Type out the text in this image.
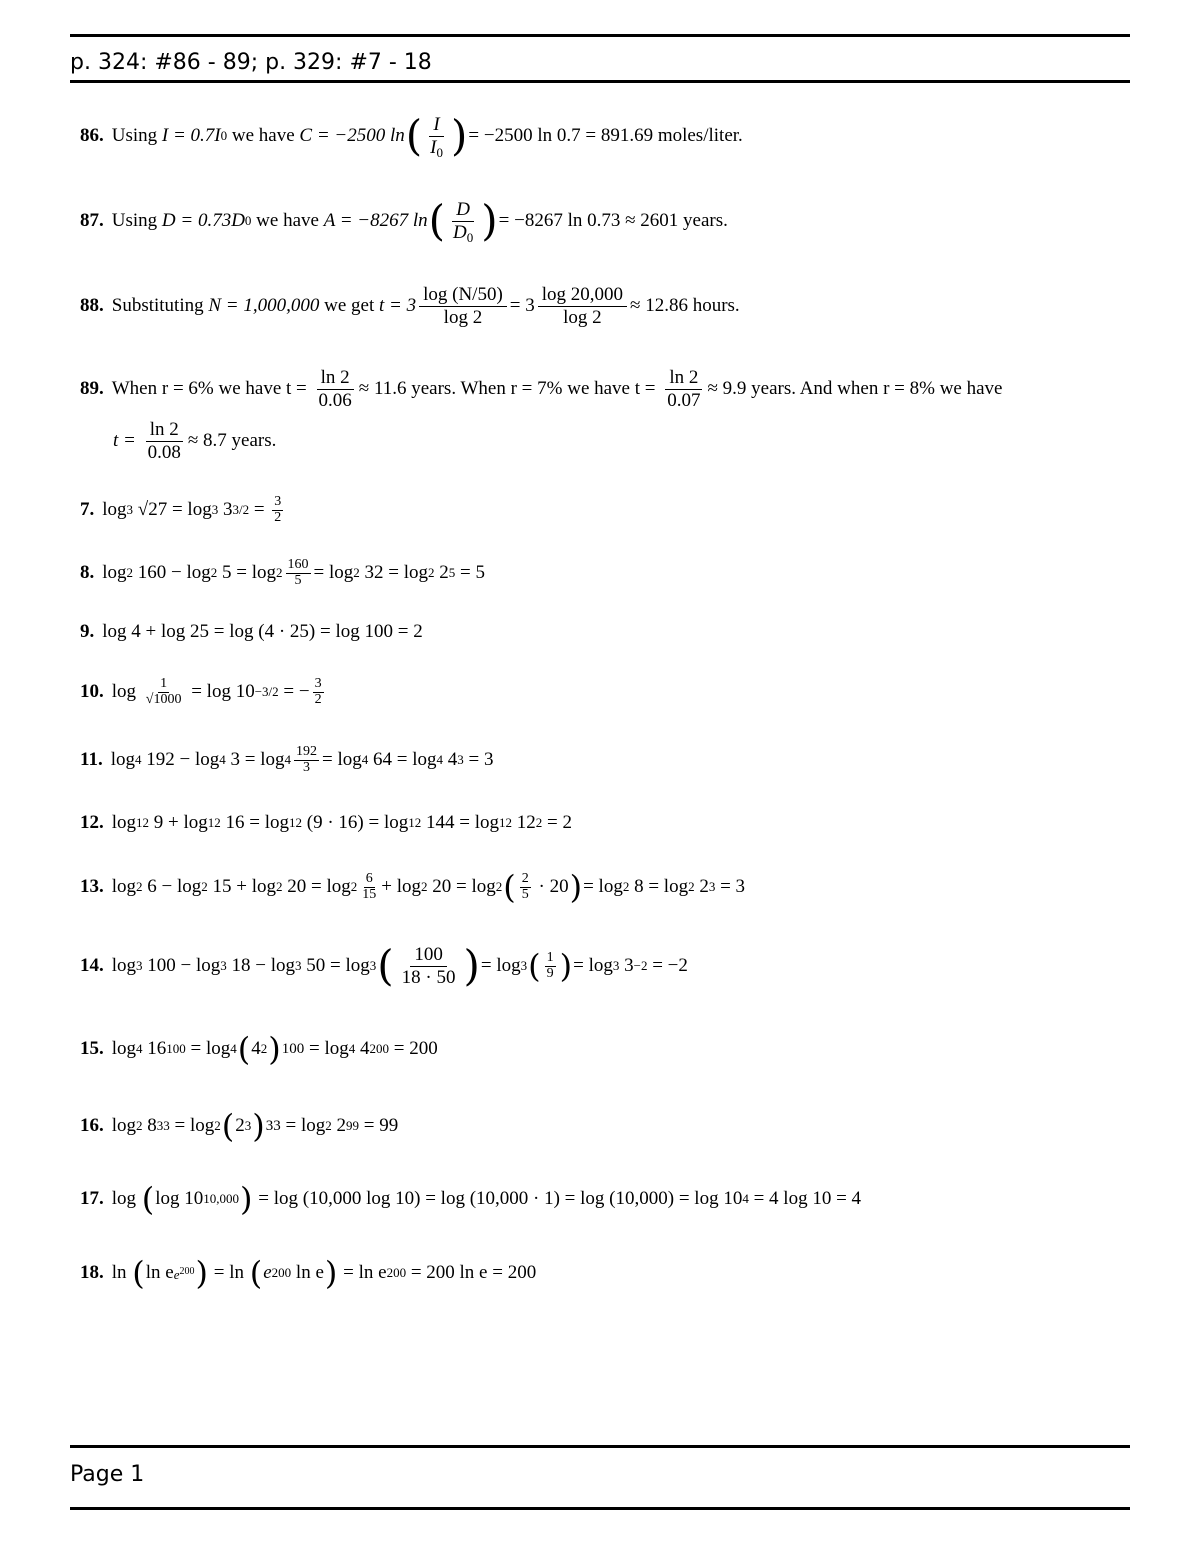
p. 324: #86 - 89; p. 329: #7 - 18
86. Using I = 0.7I 0 we have C = −2500 ln ( I
$I_0$ ) = −2500 ln 0.7 = 891.69 moles/liter.
87. Using D = 0.73D 0 we have A = −8267 ln ( D
$D_0$ ) = −8267 ln 0.73 ≈ 2601 years.
88. Substituting N = 1,000,000 we get $t = 3 \frac{\log (N/50)}{\log 2} = 3 \frac{\log 20,000}{\log 2} \approx 12.86$ hours.
89. When r = 6% we have $t = \frac{\ln 2}{0.06} \approx 11.6$ years. When r = 7% we have $t = \frac{\ln 2}{0.07} \approx 9.9$ years. And when r = 8% we have
$t = \frac{\ln 2}{0.08} \approx 8.7$ years.
7. log 3 √27 = log 3 3 $3/2 = \frac{3}{2}$
8. log 2 160 − log 2 $5 = \log 2 \frac{160}{5} = \log 2$ 32 = log 2 2 5 = 5
9. log 4 + log 25 = log (4 · 25) = log 100 = 2
10. $\log \frac{1}{√1000} = \log 10 -3/2$ = − $\frac{3}{2}$
11. log 4 192 − log 4 $3 = \log 4 \frac{192}{3} = \log 4$ 64 = log 4 4 3 = 3
12. log 12 9 + log 12 16 = log 12 (9 · 16) = log 12 144 = log 12 12 2 = 2
13. log 2 6 − log 2 15 + log 2 20 = log 2
6
15 + log 2 20 = log 2 ( 2
5 · 20 ) = log 2 8 = log 2 2 3 = 3
14. log 3 100 − log 3 18 − log 3 50 = log 3 ( 100
18 · 50 ) = log 3 ( 1
9 ) = log 3 3 −2 = −2
15. log 4 16 100 = log 4 ( 4 2 ) 100 = log 4 4 200 = 200
16. log 2 8 33 = log 2 ( 2 3 ) 33 = log 2 2 99 = 99
17. log ( log 10 10,000 ) = log (10,000 log 10) = log (10,000 · 1) = log (10,000) = log 10 4 = 4 log 10 = 4
18. ln ( ln e $e^{200}$ ) = ln ( e 200 ln e ) = ln e 200 = 200 ln e = 200
Page 1
